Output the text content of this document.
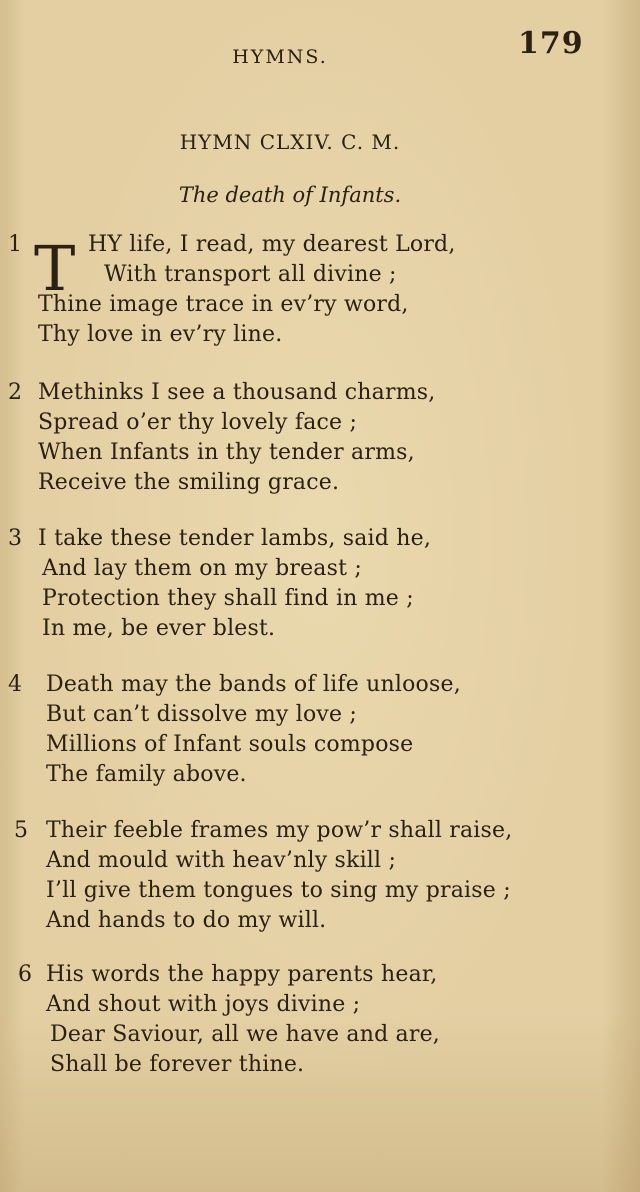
HYMNS.	179
HYMN CLXIV. C. M.
The death of Infants.
T
1	HY life, I read, my dearest Lord,
With transport all divine ;
Thine image trace in ev’ry word,
Thy love in ev’ry line.
2 Methinks I see a thousand charms,
Spread o’er thy lovely face ;
When Infants in thy tender arms,
Receive the smiling grace.
3 I take these tender lambs, said he,
And lay them on my breast ;
Protection they shall find in me ;
In me, be ever blest.
4 Death may the bands of life unloose,
But can’t dissolve my love ;
Millions of Infant souls compose
The family above.
5 Their feeble frames my pow’r shall raise,
And mould with heav’nly skill ;
I’ll give them tongues to sing my praise ;
And hands to do my will.
6 His words the happy parents hear,
And shout with joys divine ;
Dear Saviour, all we have and are,
Shall be forever thine.
